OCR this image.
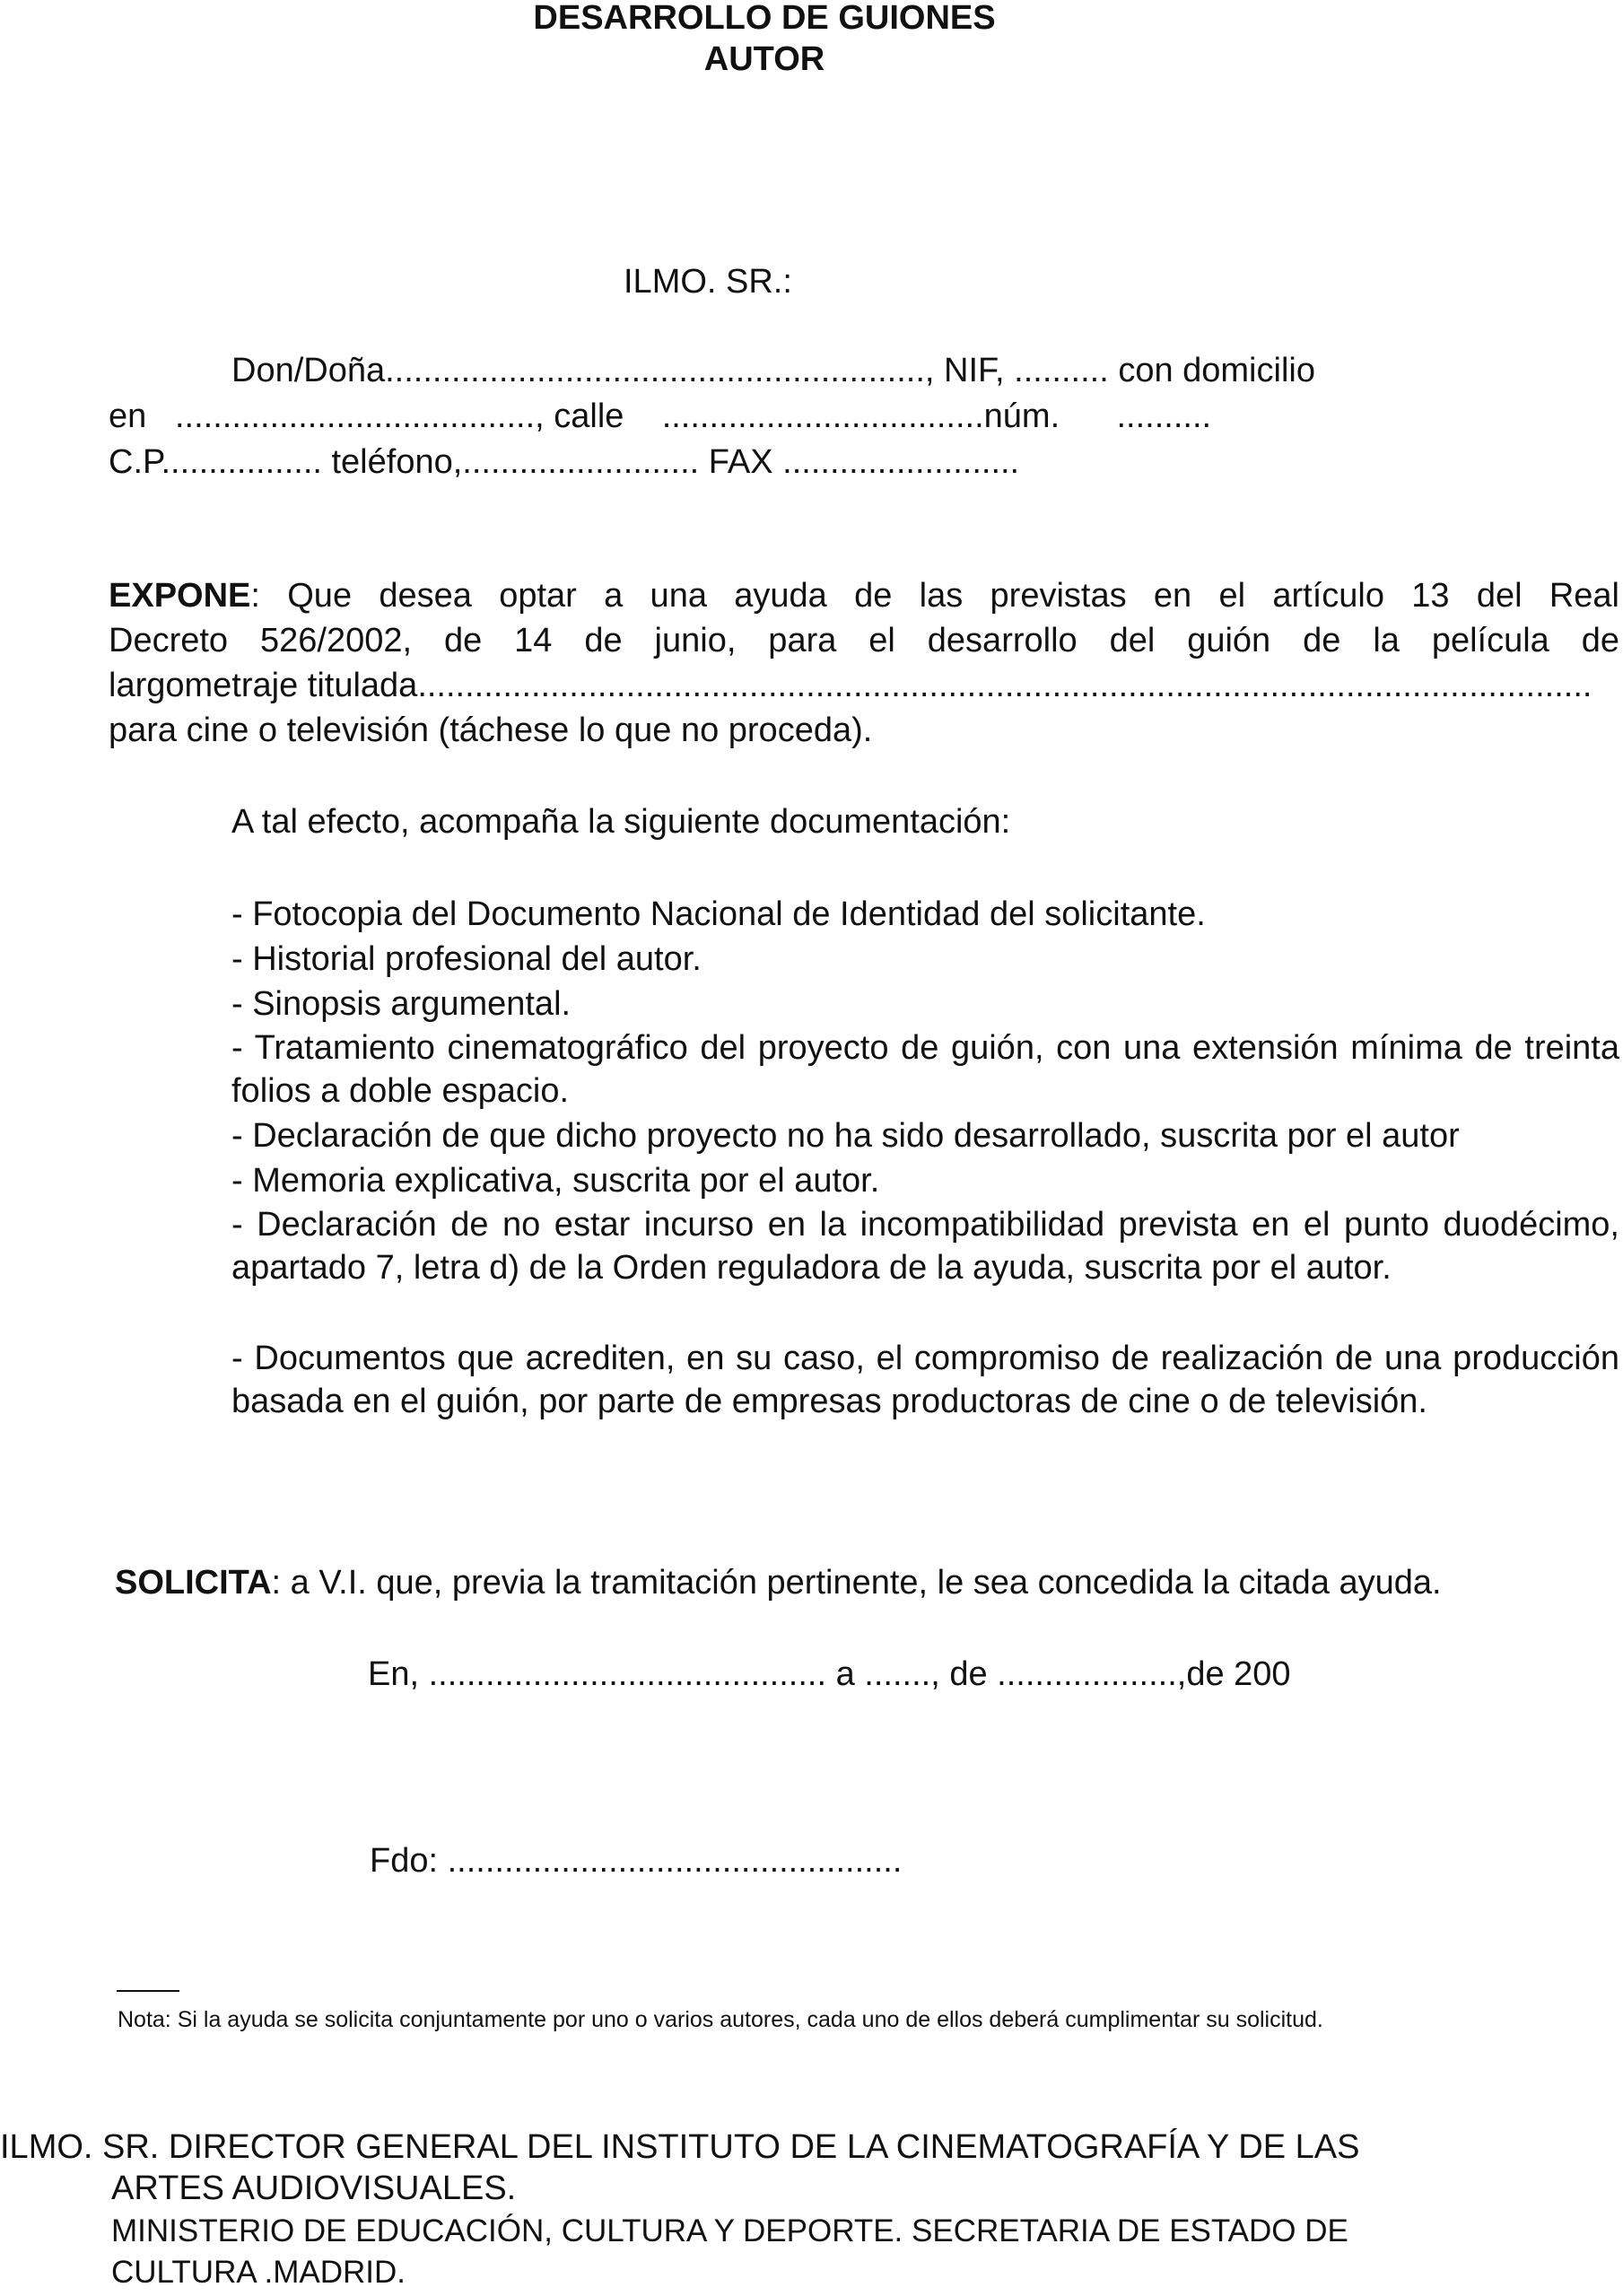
DESARROLLO DE GUIONES
AUTOR
ILMO. SR.:
Don/Doña........................................................., NIF, .......... con domicilio
en ......................................, calle ..................................núm. ..........
C.P................. teléfono,......................... FAX .........................
EXPONE: Que desea optar a una ayuda de las previstas en el artículo 13 del Real
Decreto 526/2002, de 14 de junio, para el desarrollo del guión de la película de
largometraje titulada............................................................................................................................
para cine o televisión (táchese lo que no proceda).
A tal efecto, acompaña la siguiente documentación:
- Fotocopia del Documento Nacional de Identidad del solicitante.
- Historial profesional del autor.
- Sinopsis argumental.
- Tratamiento cinematográfico del proyecto de guión, con una extensión mínima de treinta folios a doble espacio.
- Declaración de que dicho proyecto no ha sido desarrollado, suscrita por el autor
- Memoria explicativa, suscrita por el autor.
- Declaración de no estar incurso en la incompatibilidad prevista en el punto duodécimo, apartado 7, letra d) de la Orden reguladora de la ayuda, suscrita por el autor.
- Documentos que acrediten, en su caso, el compromiso de realización de una producción basada en el guión, por parte de empresas productoras de cine o de televisión.
SOLICITA: a V.I. que, previa la tramitación pertinente, le sea concedida la citada ayuda.
En, .......................................... a ......., de ...................,de 200
Fdo: ................................................
Nota: Si la ayuda se solicita conjuntamente por uno o varios autores, cada uno de ellos deberá cumplimentar su solicitud.
ILMO. SR. DIRECTOR GENERAL DEL INSTITUTO DE LA CINEMATOGRAFÍA Y DE LAS
ARTES AUDIOVISUALES.
MINISTERIO DE EDUCACIÓN, CULTURA Y DEPORTE. SECRETARIA DE ESTADO DE
CULTURA .MADRID.
